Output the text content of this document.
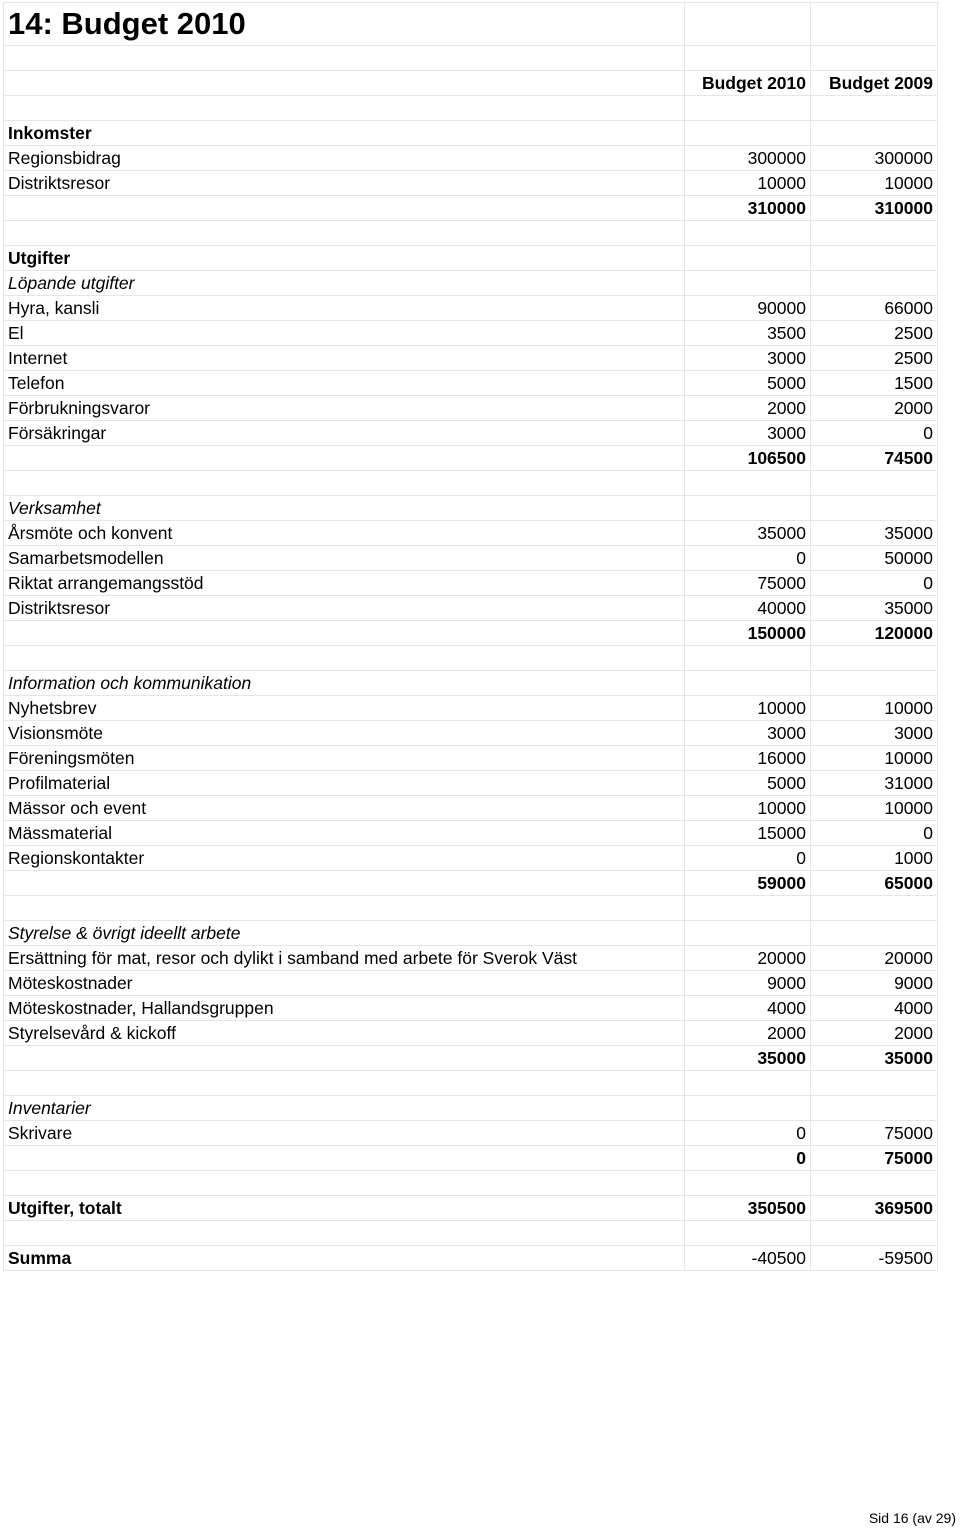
14: Budget 2010		

	Budget 2010	Budget 2009

Inkomster		
Regionsbidrag	300000	300000
Distriktsresor	10000	10000
	310000	310000

Utgifter		
Löpande utgifter		
Hyra, kansli	90000	66000
El	3500	2500
Internet	3000	2500
Telefon	5000	1500
Förbrukningsvaror	2000	2000
Försäkringar	3000	0
	106500	74500

Verksamhet		
Årsmöte och konvent	35000	35000
Samarbetsmodellen	0	50000
Riktat arrangemangsstöd	75000	0
Distriktsresor	40000	35000
	150000	120000

Information och kommunikation		
Nyhetsbrev	10000	10000
Visionsmöte	3000	3000
Föreningsmöten	16000	10000
Profilmaterial	5000	31000
Mässor och event	10000	10000
Mässmaterial	15000	0
Regionskontakter	0	1000
	59000	65000

Styrelse & övrigt ideellt arbete		
Ersättning för mat, resor och dylikt i samband med arbete för Sverok Väst	20000	20000
Möteskostnader	9000	9000
Möteskostnader, Hallandsgruppen	4000	4000
Styrelsevård & kickoff	2000	2000
	35000	35000

Inventarier		
Skrivare	0	75000
	0	75000

Utgifter, totalt	350500	369500

Summa	-40500	-59500
Sid 16 (av 29)
